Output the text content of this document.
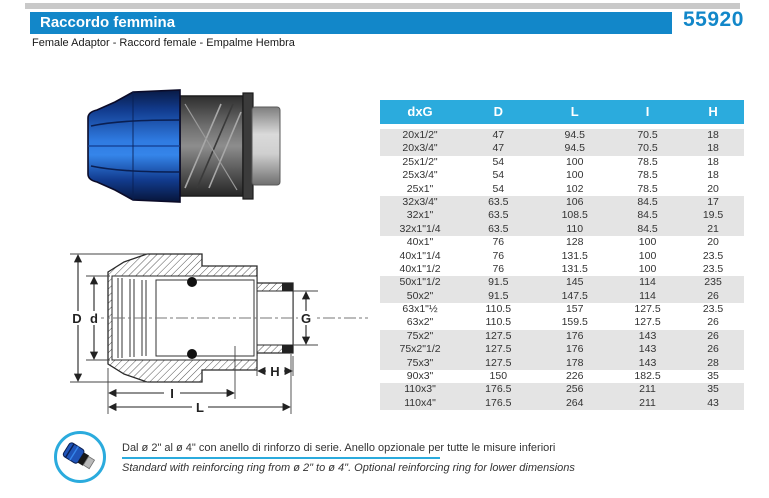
Raccordo femmina	55920
Female Adaptor - Raccord female - Empalme Hembra
D d	G
H
I
L
dxG	D	L	I	H
20x1/2"	47	94.5	70.5	18
20x3/4"	47	94.5	70.5	18
25x1/2"	54	100	78.5	18
25x3/4"	54	100	78.5	18
25x1"	54	102	78.5	20
32x3/4"	63.5	106	84.5	17
32x1"	63.5	108.5	84.5	19.5
32x1"1/4	63.5	110	84.5	21
40x1"	76	128	100	20
40x1"1/4	76	131.5	100	23.5
40x1"1/2	76	131.5	100	23.5
50x1"1/2	91.5	145	114	235
50x2"	91.5	147.5	114	26
63x1"½	110.5	157	127.5	23.5
63x2"	110.5	159.5	127.5	26
75x2"	127.5	176	143	26
75x2"1/2	127.5	176	143	26
75x3"	127.5	178	143	28
90x3"	150	226	182.5	35
110x3"	176.5	256	211	35
110x4"	176.5	264	211	43
Dal ø 2" al ø 4" con anello di rinforzo di serie. Anello opzionale per tutte le misure inferiori
Standard with reinforcing ring from ø 2" to ø 4". Optional reinforcing ring for lower dimensions
